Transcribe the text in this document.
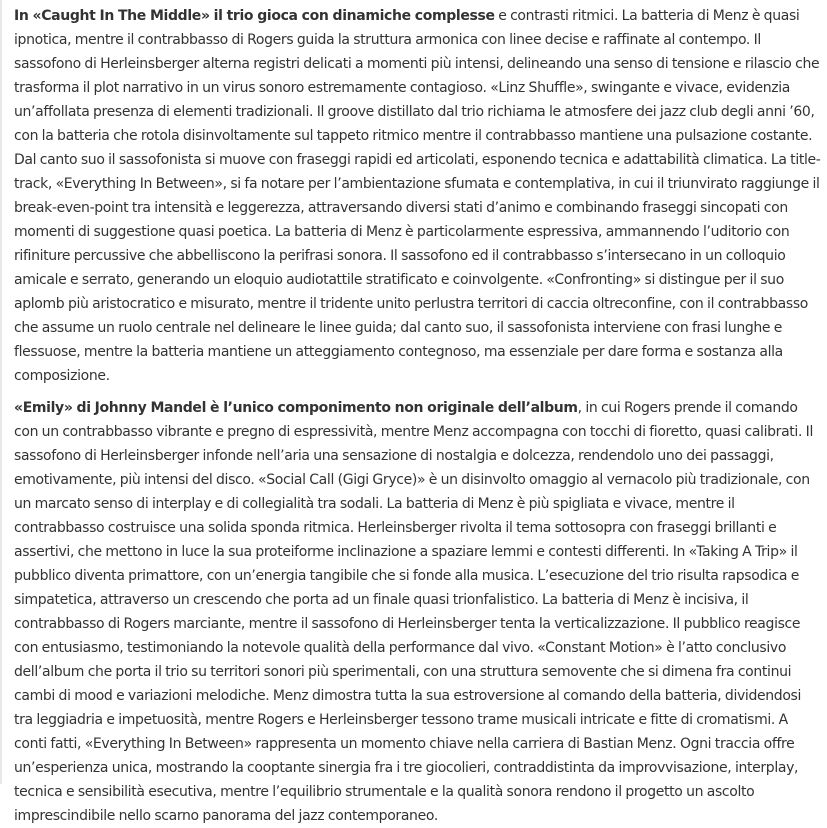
In «Caught In The Middle» il trio gioca con dinamiche complesse e contrasti ritmici. La batteria di Menz è quasi ipnotica, mentre il contrabbasso di Rogers guida la struttura armonica con linee decise e raffinate al contempo. Il sassofono di Herleinsberger alterna registri delicati a momenti più intensi, delineando una senso di tensione e rilascio che trasforma il plot narrativo in un virus sonoro estremamente contagioso. «Linz Shuffle», swingante e vivace, evidenzia un’affollata presenza di elementi tradizionali. Il groove distillato dal trio richiama le atmosfere dei jazz club degli anni ’60, con la batteria che rotola disinvoltamente sul tappeto ritmico mentre il contrabbasso mantiene una pulsazione costante. Dal canto suo il sassofonista si muove con fraseggi rapidi ed articolati, esponendo tecnica e adattabilità climatica. La title-track, «Everything In Between», si fa notare per l’ambientazione sfumata e contemplativa, in cui il triunvirato raggiunge il break-even-point tra intensità e leggerezza, attraversando diversi stati d’animo e combinando fraseggi sincopati con momenti di suggestione quasi poetica. La batteria di Menz è particolarmente espressiva, ammannendo l’uditorio con rifiniture percussive che abbelliscono la perifrasi sonora. Il sassofono ed il contrabbasso s’intersecano in un colloquio amicale e serrato, generando un eloquio audiotattile stratificato e coinvolgente. «Confronting» si distingue per il suo aplomb più aristocratico e misurato, mentre il tridente unito perlustra territori di caccia oltreconfine, con il contrabbasso che assume un ruolo centrale nel delineare le linee guida; dal canto suo, il sassofonista interviene con frasi lunghe e flessuose, mentre la batteria mantiene un atteggiamento contegnoso, ma essenziale per dare forma e sostanza alla composizione.

«Emily» di Johnny Mandel è l’unico componimento non originale dell’album, in cui Rogers prende il comando con un contrabbasso vibrante e pregno di espressività, mentre Menz accompagna con tocchi di fioretto, quasi calibrati. Il sassofono di Herleinsberger infonde nell’aria una sensazione di nostalgia e dolcezza, rendendolo uno dei passaggi, emotivamente, più intensi del disco. «Social Call (Gigi Gryce)» è un disinvolto omaggio al vernacolo più tradizionale, con un marcato senso di interplay e di collegialità tra sodali. La batteria di Menz è più spigliata e vivace, mentre il contrabbasso costruisce una solida sponda ritmica. Herleinsberger rivolta il tema sottosopra con fraseggi brillanti e assertivi, che mettono in luce la sua proteiforme inclinazione a spaziare lemmi e contesti differenti. In «Taking A Trip» il pubblico diventa primattore, con un’energia tangibile che si fonde alla musica. L’esecuzione del trio risulta rapsodica e simpatetica, attraverso un crescendo che porta ad un finale quasi trionfalistico. La batteria di Menz è incisiva, il contrabbasso di Rogers marciante, mentre il sassofono di Herleinsberger tenta la verticalizzazione. Il pubblico reagisce con entusiasmo, testimoniando la notevole qualità della performance dal vivo. «Constant Motion» è l’atto conclusivo dell’album che porta il trio su territori sonori più sperimentali, con una struttura semovente che si dimena fra continui cambi di mood e variazioni melodiche. Menz dimostra tutta la sua estroversione al comando della batteria, dividendosi tra leggiadria e impetuosità, mentre Rogers e Herleinsberger tessono trame musicali intricate e fitte di cromatismi. A conti fatti, «Everything In Between» rappresenta un momento chiave nella carriera di Bastian Menz. Ogni traccia offre un’esperienza unica, mostrando la cooptante sinergia fra i tre giocolieri, contraddistinta da improvvisazione, interplay, tecnica e sensibilità esecutiva, mentre l’equilibrio strumentale e la qualità sonora rendono il progetto un ascolto imprescindibile nello scarno panorama del jazz contemporaneo.
